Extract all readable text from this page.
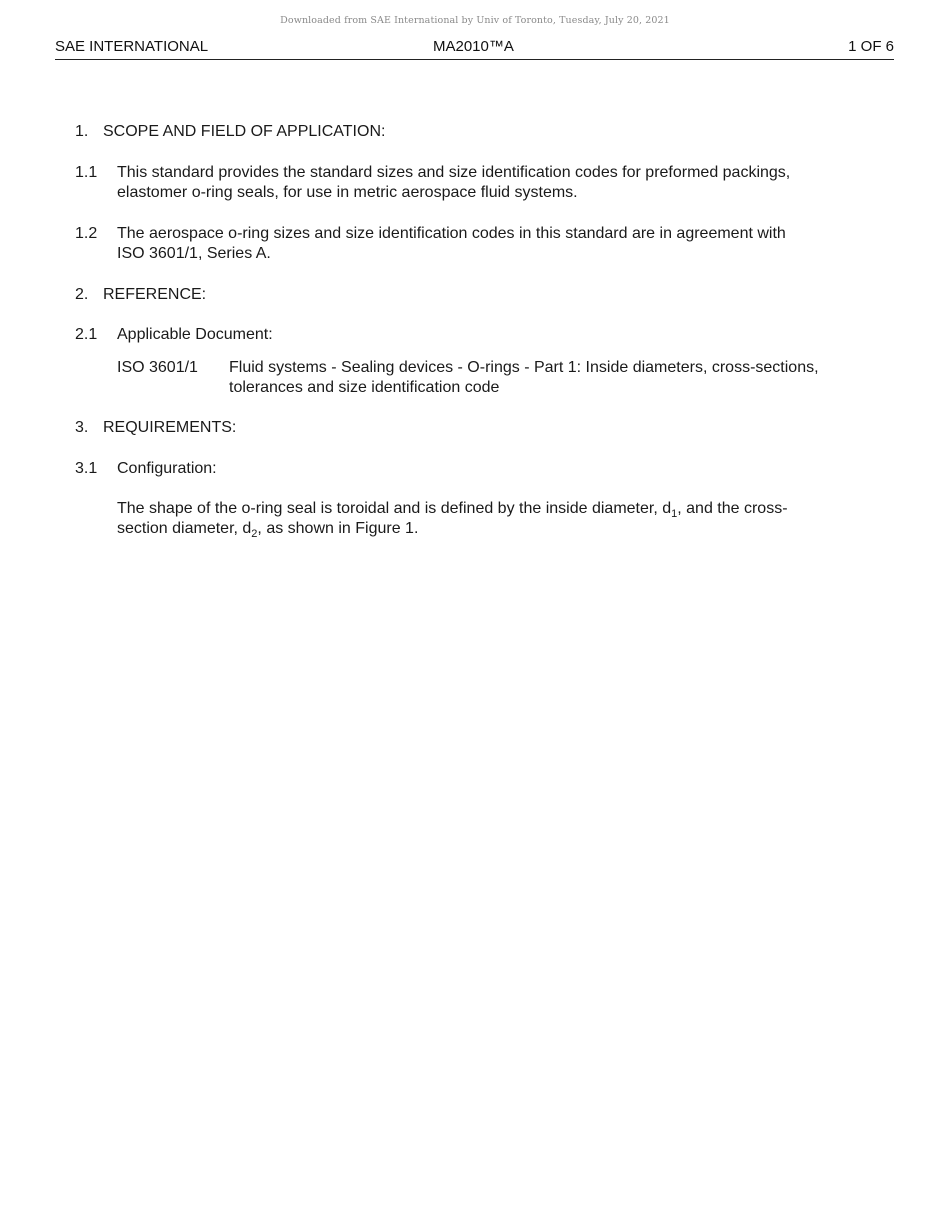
Downloaded from SAE International by Univ of Toronto, Tuesday, July 20, 2021
SAE INTERNATIONAL	MA2010™A	1 OF 6
1. SCOPE AND FIELD OF APPLICATION:
1.1 This standard provides the standard sizes and size identification codes for preformed packings,
elastomer o-ring seals, for use in metric aerospace fluid systems.
1.2 The aerospace o-ring sizes and size identification codes in this standard are in agreement with
ISO 3601/1, Series A.
2. REFERENCE:
2.1 Applicable Document:
ISO 3601/1 Fluid systems - Sealing devices - O-rings - Part 1: Inside diameters, cross-sections,
tolerances and size identification code
3. REQUIREMENTS:
3.1 Configuration:
The shape of the o-ring seal is toroidal and is defined by the inside diameter, $d_1$, and the cross-
section diameter, $d_2$, as shown in Figure 1.
